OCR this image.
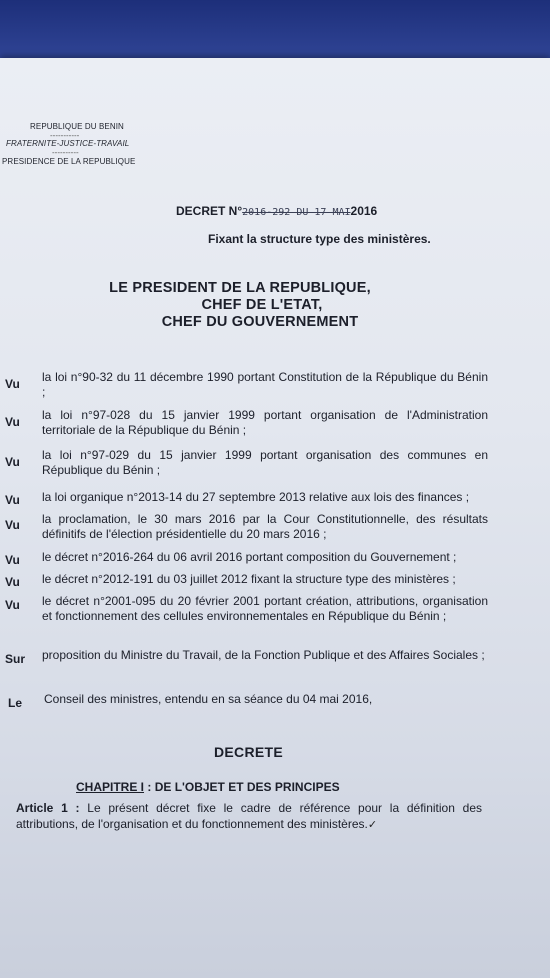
REPUBLIQUE DU BENIN
-----------
FRATERNITE-JUSTICE-TRAVAIL
----------
PRESIDENCE DE LA REPUBLIQUE
DECRET N°2016-292 DU 17 MAI2016
Fixant la structure type des ministères.
LE PRESIDENT DE LA REPUBLIQUE,
CHEF DE L'ETAT,
CHEF DU GOUVERNEMENT
Vu la loi n°90-32 du 11 décembre 1990 portant Constitution de la République du Bénin ;
Vu la loi n°97-028 du 15 janvier 1999 portant organisation de l'Administration territoriale de la République du Bénin ;
Vu la loi n°97-029 du 15 janvier 1999 portant organisation des communes en République du Bénin ;
Vu la loi organique n°2013-14 du 27 septembre 2013 relative aux lois des finances ;
Vu la proclamation, le 30 mars 2016 par la Cour Constitutionnelle, des résultats définitifs de l'élection présidentielle du 20 mars 2016 ;
Vu le décret n°2016-264 du 06 avril 2016 portant composition du Gouvernement ;
Vu le décret n°2012-191 du 03 juillet 2012 fixant la structure type des ministères ;
Vu le décret n°2001-095 du 20 février 2001 portant création, attributions, organisation et fonctionnement des cellules environnementales en République du Bénin ;
Sur proposition du Ministre du Travail, de la Fonction Publique et des Affaires Sociales ;
Le Conseil des ministres, entendu en sa séance du 04 mai 2016,
DECRETE
CHAPITRE I : DE L'OBJET ET DES PRINCIPES
Article 1 : Le présent décret fixe le cadre de référence pour la définition des attributions, de l'organisation et du fonctionnement des ministères.✓
